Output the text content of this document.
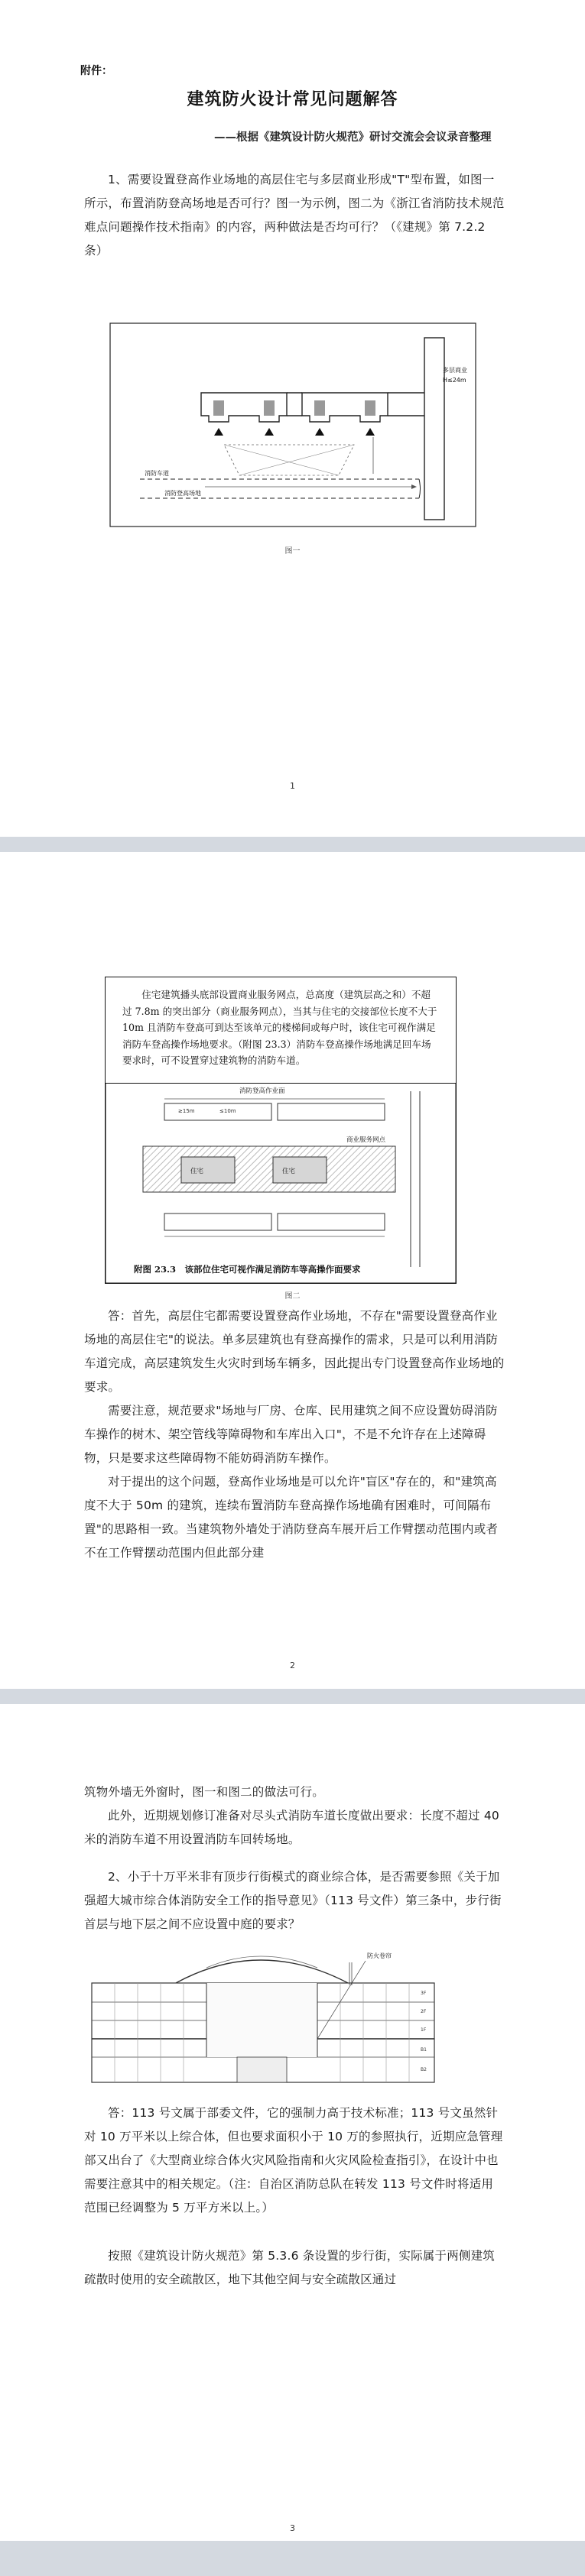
附件：
建筑防火设计常见问题解答
——根据《建筑设计防火规范》研讨交流会会议录音整理
1、需要设置登高作业场地的高层住宅与多层商业形成"T"型布置，如图一所示，布置消防登高场地是否可行？图一为示例，图二为《浙江省消防技术规范难点问题操作技术指南》的内容，两种做法是否均可行？（《建规》第 7.2.2 条）
多层商业
H≤24m
消防车道
消防登高场地
图一
1
住宅建筑播头底部设置商业服务网点，总高度（建筑层高之和）不超过 7.8m 的突出部分（商业服务网点），当其与住宅的交接部位长度不大于 10m 且消防车登高可到达至该单元的楼梯间或每户时，该住宅可视作满足消防车登高操作场地要求。（附图 23.3）消防车登高操作场地满足回车场要求时，可不设置穿过建筑物的消防车道。
消防登高作业面
≥15m	≤10m
住宅	住宅
商业服务网点
附图 23.3　该部位住宅可视作满足消防车等高操作面要求
图二
答：首先，高层住宅都需要设置登高作业场地，不存在"需要设置登高作业场地的高层住宅"的说法。单多层建筑也有登高操作的需求，只是可以利用消防车道完成，高层建筑发生火灾时到场车辆多，因此提出专门设置登高作业场地的要求。
需要注意，规范要求"场地与厂房、仓库、民用建筑之间不应设置妨碍消防车操作的树木、架空管线等障碍物和车库出入口"，不是不允许存在上述障碍物，只是要求这些障碍物不能妨碍消防车操作。
对于提出的这个问题，登高作业场地是可以允许"盲区"存在的，和"建筑高度不大于 50m 的建筑，连续布置消防车登高操作场地确有困难时，可间隔布置"的思路相一致。当建筑物外墙处于消防登高车展开后工作臂摆动范围内或者不在工作臂摆动范围内但此部分建
2
筑物外墙无外窗时，图一和图二的做法可行。
此外，近期规划修订准备对尽头式消防车道长度做出要求：长度不超过 40 米的消防车道不用设置消防车回转场地。
2、小于十万平米非有顶步行街模式的商业综合体，是否需要参照《关于加强超大城市综合体消防安全工作的指导意见》（113 号文件）第三条中，步行街首层与地下层之间不应设置中庭的要求？
防火卷帘
3F
2F
1F
B1
B2
答：113 号文属于部委文件，它的强制力高于技术标准；113 号文虽然针对 10 万平米以上综合体，但也要求面积小于 10 万的参照执行，近期应急管理部又出台了《大型商业综合体火灾风险指南和火灾风险检查指引》，在设计中也需要注意其中的相关规定。（注：自治区消防总队在转发 113 号文件时将适用范围已经调整为 5 万平方米以上。）
按照《建筑设计防火规范》第 5.3.6 条设置的步行街，实际属于两侧建筑疏散时使用的安全疏散区，地下其他空间与安全疏散区通过
3
